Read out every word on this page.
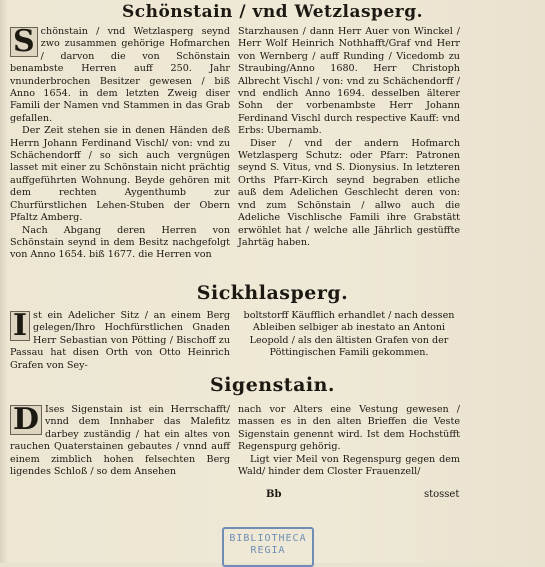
Schönstain / vnd Wetzlasperg.
S chönstain / vnd Wetzlasperg seynd zwo zusammen gehörige Hofmarchen / darvon die von Schönstain benambste Herren auff 250. Jahr vnunderbrochen Besitzer gewesen / biß Anno 1654. in dem letzten Zweig diser Famili der Namen vnd Stammen in das Grab gefallen.

Der Zeit stehen sie in denen Händen deß Herrn Johann Ferdinand Vischl/ von: vnd zu Schächendorff / so sich auch vergnügen lasset mit einer zu Schönstain nicht prächtig auffgeführten Wohnung. Beyde gehören mit dem rechten Aygenthumb zur Churfürstlichen Lehen-Stuben der Obern Pfaltz Amberg.

Nach Abgang deren Herren von Schönstain seynd in dem Besitz nachgefolgt von Anno 1654. biß 1677. die Herren von

Starzhausen / dann Herr Auer von Winckel / Herr Wolf Heinrich Nothhafft/Graf vnd Herr von Wernberg / auff Runding / Vicedomb zu Straubing/Anno 1680. Herr Christoph Albrecht Vischl / von: vnd zu Schächendorff / vnd endlich Anno 1694. desselben älterer Sohn der vorbenambste Herr Johann Ferdinand Vischl durch respective Kauff: vnd Erbs: Ubernamb.

Diser / vnd der andern Hofmarch Wetzlasperg Schutz: oder Pfarr: Patronen seynd S. Vitus, vnd S. Dionysius. In letzteren Orths Pfarr-Kirch seynd begraben etliche auß dem Adelichen Geschlecht deren von: vnd zum Schönstain / allwo auch die Adeliche Vischlische Famili ihre Grabstätt erwöhlet hat / welche alle Jährlich gestüffte Jahrtäg haben.

Sickhlasperg.
I st ein Adelicher Sitz / an einem Berg gelegen/Ihro Hochfürstlichen Gnaden Herr Sebastian von Pötting / Bischoff zu Passau hat disen Orth von Otto Heinrich Grafen von Sey-

boltstorff Käufflich erhandlet / nach dessen Ableiben selbiger ab inestato an Antoni Leopold / als den ältisten Grafen von der Pöttingischen Famili gekommen.

Sigenstain.
D Ises Sigenstain ist ein Herrschafft/ vnnd dem Innhaber das Malefitz darbey zuständig / hat ein altes von rauchen Quaterstainen gebautes / vnnd auff einem zimblich hohen felsechten Berg ligendes Schloß / so dem Ansehen

nach vor Alters eine Vestung gewesen / massen es in den alten Brieffen die Veste Sigenstain genennt wird. Ist dem Hochstüfft Regenspurg gehörig.

Ligt vier Meil von Regenspurg gegen dem Wald/ hinder dem Closter Frauenzell/

Bb	stosset
BIBLIOTHECA
REGIA
